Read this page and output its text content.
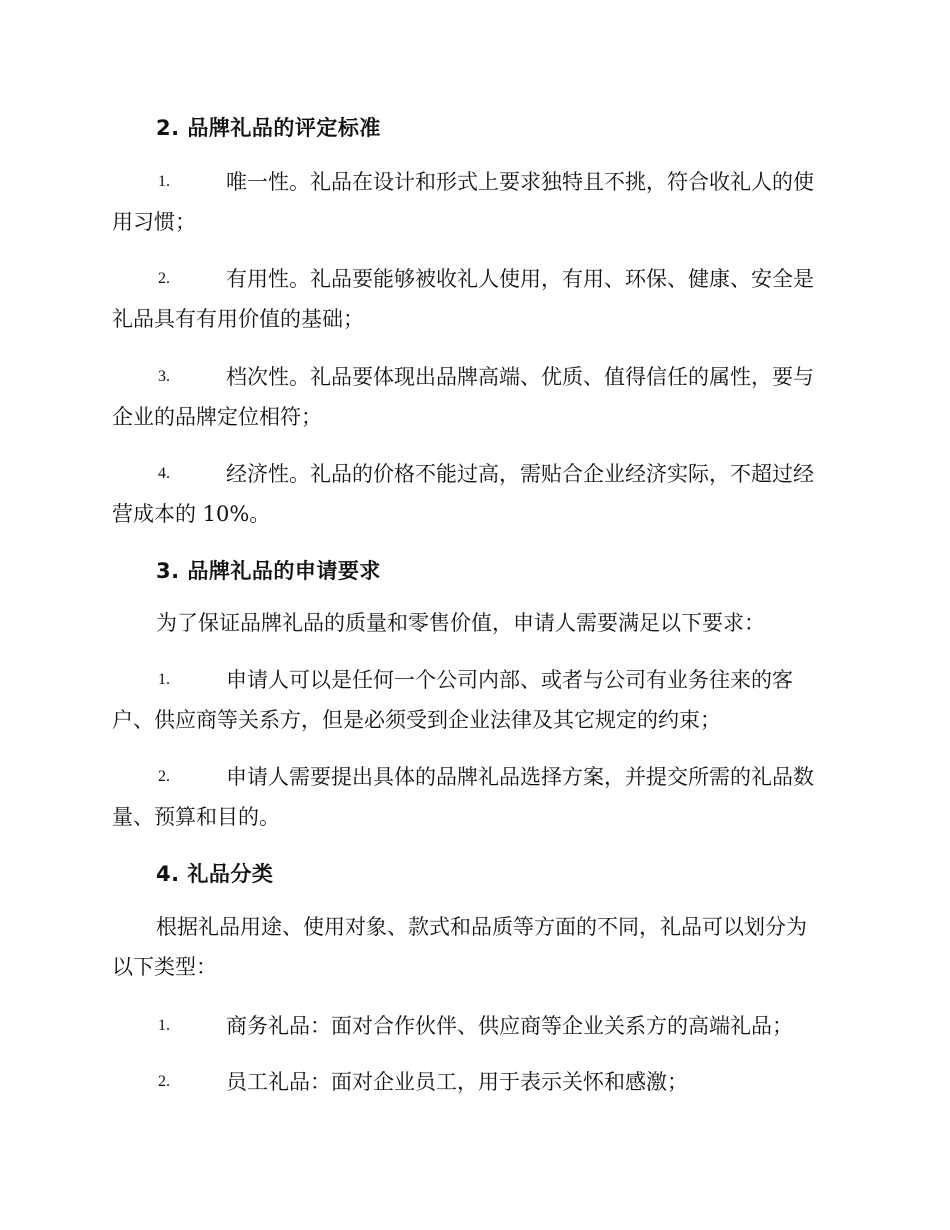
2. 品牌礼品的评定标准
1.	唯一性。礼品在设计和形式上要求独特且不挑，符合收礼人的使
用习惯；
2.	有用性。礼品要能够被收礼人使用，有用、环保、健康、安全是
礼品具有有用价值的基础；
3.	档次性。礼品要体现出品牌高端、优质、值得信任的属性，要与
企业的品牌定位相符；
4.	经济性。礼品的价格不能过高，需贴合企业经济实际，不超过经
营成本的 10%。
3. 品牌礼品的申请要求
为了保证品牌礼品的质量和零售价值，申请人需要满足以下要求：
1.	申请人可以是任何一个公司内部、或者与公司有业务往来的客
户、供应商等关系方，但是必须受到企业法律及其它规定的约束；
2.	申请人需要提出具体的品牌礼品选择方案，并提交所需的礼品数
量、预算和目的。
4. 礼品分类
根据礼品用途、使用对象、款式和品质等方面的不同，礼品可以划分为
以下类型：
1.	商务礼品：面对合作伙伴、供应商等企业关系方的高端礼品；
2.	员工礼品：面对企业员工，用于表示关怀和感激；
